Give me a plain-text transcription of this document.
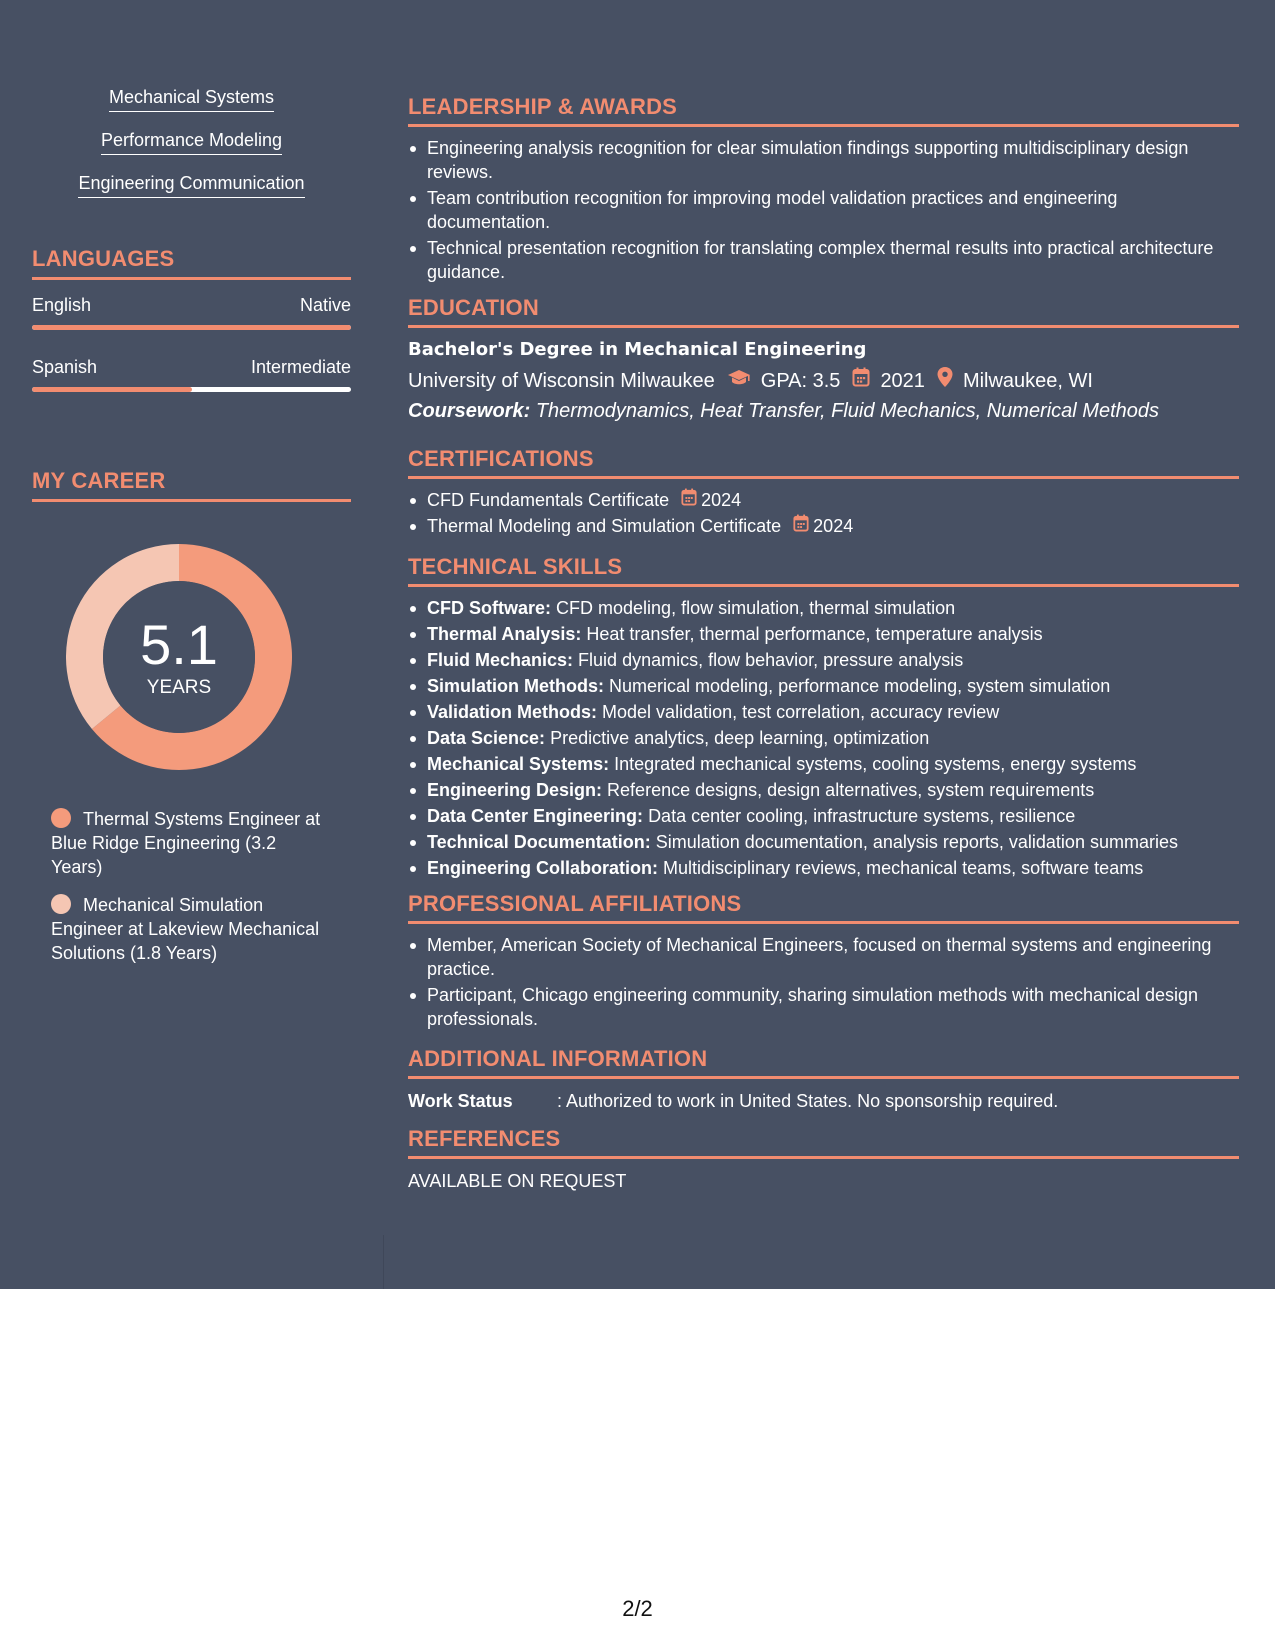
Mechanical Systems
Performance Modeling
Engineering Communication
LANGUAGES
English	Native
Spanish	Intermediate
MY CAREER
5.1
YEARS
Thermal Systems Engineer at Blue Ridge Engineering (3.2 Years)
Mechanical Simulation Engineer at Lakeview Mechanical Solutions (1.8 Years)
LEADERSHIP & AWARDS
Engineering analysis recognition for clear simulation findings supporting multidisciplinary design reviews.
Team contribution recognition for improving model validation practices and engineering documentation.
Technical presentation recognition for translating complex thermal results into practical architecture guidance.
EDUCATION
Bachelor's Degree in Mechanical Engineering
University of Wisconsin Milwaukee GPA: 3.5 2021 Milwaukee, WI
Coursework: Thermodynamics, Heat Transfer, Fluid Mechanics, Numerical Methods
CERTIFICATIONS
CFD Fundamentals Certificate 2024
Thermal Modeling and Simulation Certificate 2024
TECHNICAL SKILLS
CFD Software: CFD modeling, flow simulation, thermal simulation
Thermal Analysis: Heat transfer, thermal performance, temperature analysis
Fluid Mechanics: Fluid dynamics, flow behavior, pressure analysis
Simulation Methods: Numerical modeling, performance modeling, system simulation
Validation Methods: Model validation, test correlation, accuracy review
Data Science: Predictive analytics, deep learning, optimization
Mechanical Systems: Integrated mechanical systems, cooling systems, energy systems
Engineering Design: Reference designs, design alternatives, system requirements
Data Center Engineering: Data center cooling, infrastructure systems, resilience
Technical Documentation: Simulation documentation, analysis reports, validation summaries
Engineering Collaboration: Multidisciplinary reviews, mechanical teams, software teams
PROFESSIONAL AFFILIATIONS
Member, American Society of Mechanical Engineers, focused on thermal systems and engineering practice.
Participant, Chicago engineering community, sharing simulation methods with mechanical design professionals.
ADDITIONAL INFORMATION
Work Status	: Authorized to work in United States. No sponsorship required.
REFERENCES
AVAILABLE ON REQUEST
2/2
